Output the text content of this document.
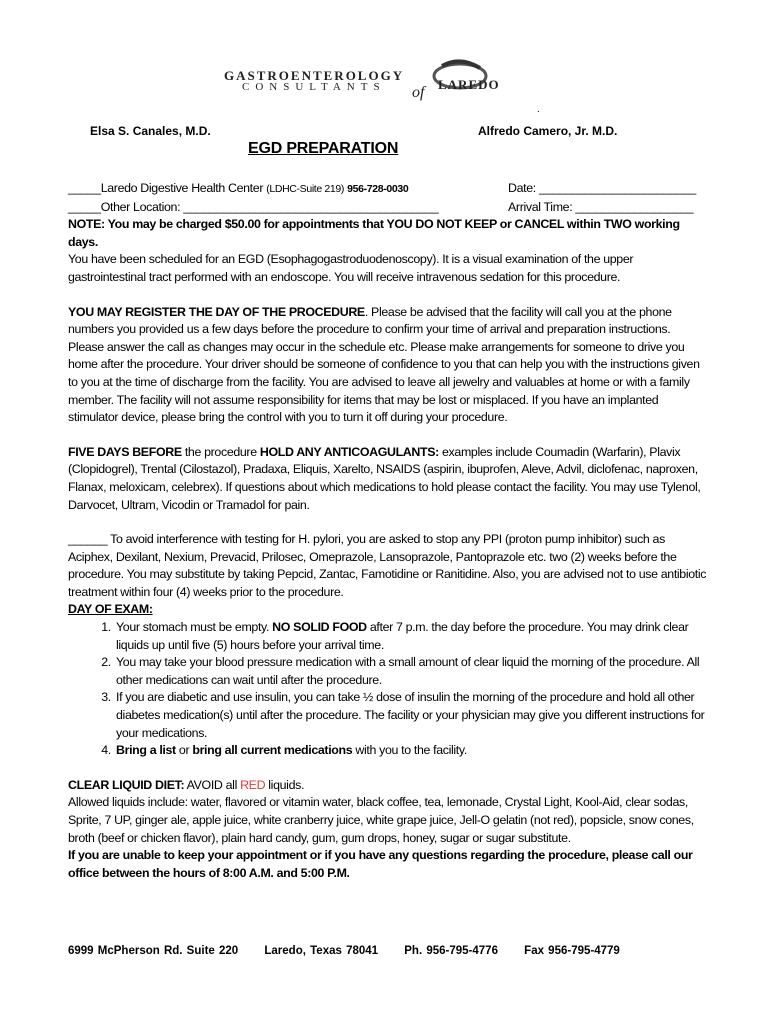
GASTROENTEROLOGY
CONSULTANTS of LAREDO
.
Elsa S. Canales, M.D.	Alfredo Camero, Jr. M.D.
EGD PREPARATION
_____Laredo Digestive Health Center (LDHC-Suite 219) 956-728-0030	Date: ________________________
_____Other Location: _______________________________________	Arrival Time: __________________

NOTE: You may be charged $50.00 for appointments that YOU DO NOT KEEP or CANCEL within TWO working days.

You have been scheduled for an EGD (Esophagogastroduodenoscopy). It is a visual examination of the upper gastrointestinal tract performed with an endoscope. You will receive intravenous sedation for this procedure.

YOU MAY REGISTER THE DAY OF THE PROCEDURE. Please be advised that the facility will call you at the phone numbers you provided us a few days before the procedure to confirm your time of arrival and preparation instructions. Please answer the call as changes may occur in the schedule etc. Please make arrangements for someone to drive you home after the procedure. Your driver should be someone of confidence to you that can help you with the instructions given to you at the time of discharge from the facility. You are advised to leave all jewelry and valuables at home or with a family member. The facility will not assume responsibility for items that may be lost or misplaced. If you have an implanted stimulator device, please bring the control with you to turn it off during your procedure.

FIVE DAYS BEFORE the procedure HOLD ANY ANTICOAGULANTS: examples include Coumadin (Warfarin), Plavix (Clopidogrel), Trental (Cilostazol), Pradaxa, Eliquis, Xarelto, NSAIDS (aspirin, ibuprofen, Aleve, Advil, diclofenac, naproxen, Flanax, meloxicam, celebrex). If questions about which medications to hold please contact the facility. You may use Tylenol, Darvocet, Ultram, Vicodin or Tramadol for pain.

______ To avoid interference with testing for H. pylori, you are asked to stop any PPI (proton pump inhibitor) such as Aciphex, Dexilant, Nexium, Prevacid, Prilosec, Omeprazole, Lansoprazole, Pantoprazole etc. two (2) weeks before the procedure. You may substitute by taking Pepcid, Zantac, Famotidine or Ranitidine. Also, you are advised not to use antibiotic treatment within four (4) weeks prior to the procedure.

DAY OF EXAM:

1. Your stomach must be empty. NO SOLID FOOD after 7 p.m. the day before the procedure. You may drink clear liquids up until five (5) hours before your arrival time.
2. You may take your blood pressure medication with a small amount of clear liquid the morning of the procedure. All other medications can wait until after the procedure.
3. If you are diabetic and use insulin, you can take ½ dose of insulin the morning of the procedure and hold all other diabetes medication(s) until after the procedure. The facility or your physician may give you different instructions for your medications.
4. Bring a list or bring all current medications with you to the facility.

CLEAR LIQUID DIET: AVOID all RED liquids.

Allowed liquids include: water, flavored or vitamin water, black coffee, tea, lemonade, Crystal Light, Kool-Aid, clear sodas, Sprite, 7 UP, ginger ale, apple juice, white cranberry juice, white grape juice, Jell-O gelatin (not red), popsicle, snow cones, broth (beef or chicken flavor), plain hard candy, gum, gum drops, honey, sugar or sugar substitute.

If you are unable to keep your appointment or if you have any questions regarding the procedure, please call our office between the hours of 8:00 A.M. and 5:00 P.M.

6999 McPherson Rd. Suite 220 Laredo, Texas 78041 Ph. 956-795-4776 Fax 956-795-4779
